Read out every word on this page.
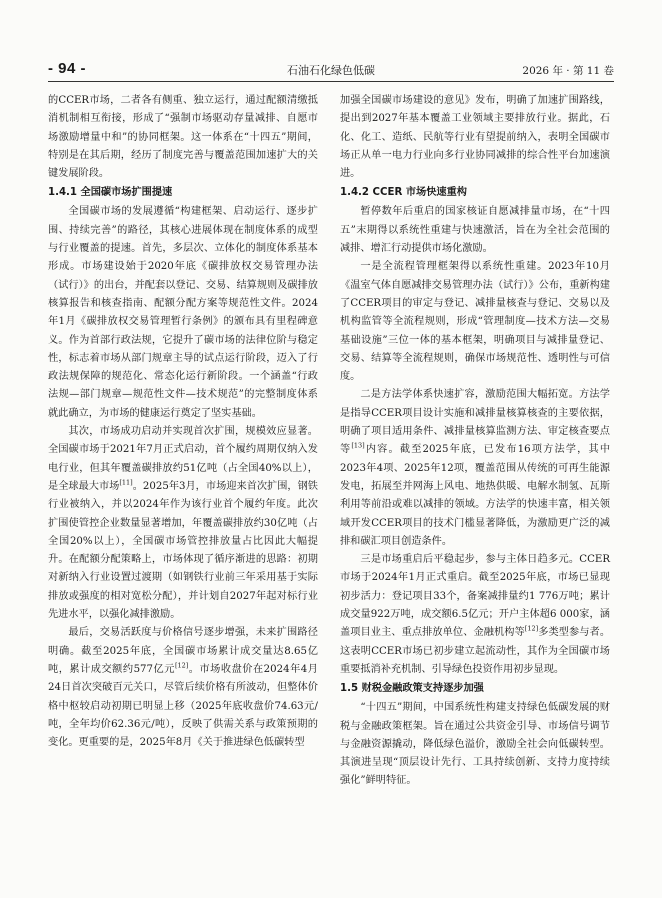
- 94 -	石油石化绿色低碳	2026 年 · 第 11 卷

的CCER市场，二者各有侧重、独立运行，通过配额清缴抵消机制相互衔接，形成了“强制市场驱动存量减排、自愿市场激励增量中和”的协同框架。这一体系在“十四五”期间，特别是在其后期，经历了制度完善与覆盖范围加速扩大的关键发展阶段。

1.4.1 全国碳市场扩围提速

全国碳市场的发展遵循“构建框架、启动运行、逐步扩围、持续完善”的路径，其核心进展体现在制度体系的成型与行业覆盖的提速。首先，多层次、立体化的制度体系基本形成。市场建设始于2020年底《碳排放权交易管理办法（试行）》的出台，并配套以登记、交易、结算规则及碳排放核算报告和核查指南、配额分配方案等规范性文件。2024年1月《碳排放权交易管理暂行条例》的颁布具有里程碑意义。作为首部行政法规，它提升了碳市场的法律位阶与稳定性，标志着市场从部门规章主导的试点运行阶段，迈入了行政法规保障的规范化、常态化运行新阶段。一个涵盖“行政法规—部门规章—规范性文件—技术规范”的完整制度体系就此确立，为市场的健康运行奠定了坚实基础。

其次，市场成功启动并实现首次扩围，规模效应显著。全国碳市场于2021年7月正式启动，首个履约周期仅纳入发电行业，但其年覆盖碳排放约51亿吨（占全国40%以上），是全球最大市场[11]。2025年3月，市场迎来首次扩围，钢铁行业被纳入，并以2024年作为该行业首个履约年度。此次扩围使管控企业数量显著增加，年覆盖碳排放约30亿吨（占全国20%以上），全国碳市场管控排放量占比因此大幅提升。在配额分配策略上，市场体现了循序渐进的思路：初期对新纳入行业设置过渡期（如钢铁行业前三年采用基于实际排放或强度的相对宽松分配），并计划自2027年起对标行业先进水平，以强化减排激励。

最后，交易活跃度与价格信号逐步增强，未来扩围路径明确。截至2025年底，全国碳市场累计成交量达8.65亿吨，累计成交额约577亿元[12]。市场收盘价在2024年4月24日首次突破百元关口，尽管后续价格有所波动，但整体价格中枢较启动初期已明显上移（2025年底收盘价74.63元/吨，全年均价62.36元/吨），反映了供需关系与政策预期的变化。更重要的是，2025年8月《关于推进绿色低碳转型

加强全国碳市场建设的意见》发布，明确了加速扩围路线，提出到2027年基本覆盖工业领域主要排放行业。据此，石化、化工、造纸、民航等行业有望提前纳入，表明全国碳市场正从单一电力行业向多行业协同减排的综合性平台加速演进。

1.4.2 CCER 市场快速重构

暂停数年后重启的国家核证自愿减排量市场，在“十四五”末期得以系统性重建与快速激活，旨在为全社会范围的减排、增汇行动提供市场化激励。

一是全流程管理框架得以系统性重建。2023年10月《温室气体自愿减排交易管理办法（试行）》公布，重新构建了CCER项目的审定与登记、减排量核查与登记、交易以及机构监管等全流程规则，形成“管理制度—技术方法—交易基础设施”三位一体的基本框架，明确项目与减排量登记、交易、结算等全流程规则，确保市场规范性、透明性与可信度。

二是方法学体系快速扩容，激励范围大幅拓宽。方法学是指导CCER项目设计实施和减排量核算核查的主要依据，明确了项目适用条件、减排量核算监测方法、审定核查要点等[13]内容。截至2025年底，已发布16项方法学，其中2023年4项、2025年12项，覆盖范围从传统的可再生能源发电，拓展至并网海上风电、地热供暖、电解水制氢、瓦斯利用等前沿或难以减排的领域。方法学的快速丰富，相关领域开发CCER项目的技术门槛显著降低，为激励更广泛的减排和碳汇项目创造条件。

三是市场重启后平稳起步，参与主体日趋多元。CCER市场于2024年1月正式重启。截至2025年底，市场已显现初步活力：登记项目33个，备案减排量约1 776万吨；累计成交量922万吨，成交额6.5亿元；开户主体超6 000家，涵盖项目业主、重点排放单位、金融机构等[12]多类型参与者。这表明CCER市场已初步建立起流动性，其作为全国碳市场重要抵消补充机制、引导绿色投资作用初步显现。

1.5 财税金融政策支持逐步加强

“十四五”期间，中国系统性构建支持绿色低碳发展的财税与金融政策框架。旨在通过公共资金引导、市场信号调节与金融资源撬动，降低绿色溢价，激励全社会向低碳转型。其演进呈现“顶层设计先行、工具持续创新、支持力度持续强化”鲜明特征。
